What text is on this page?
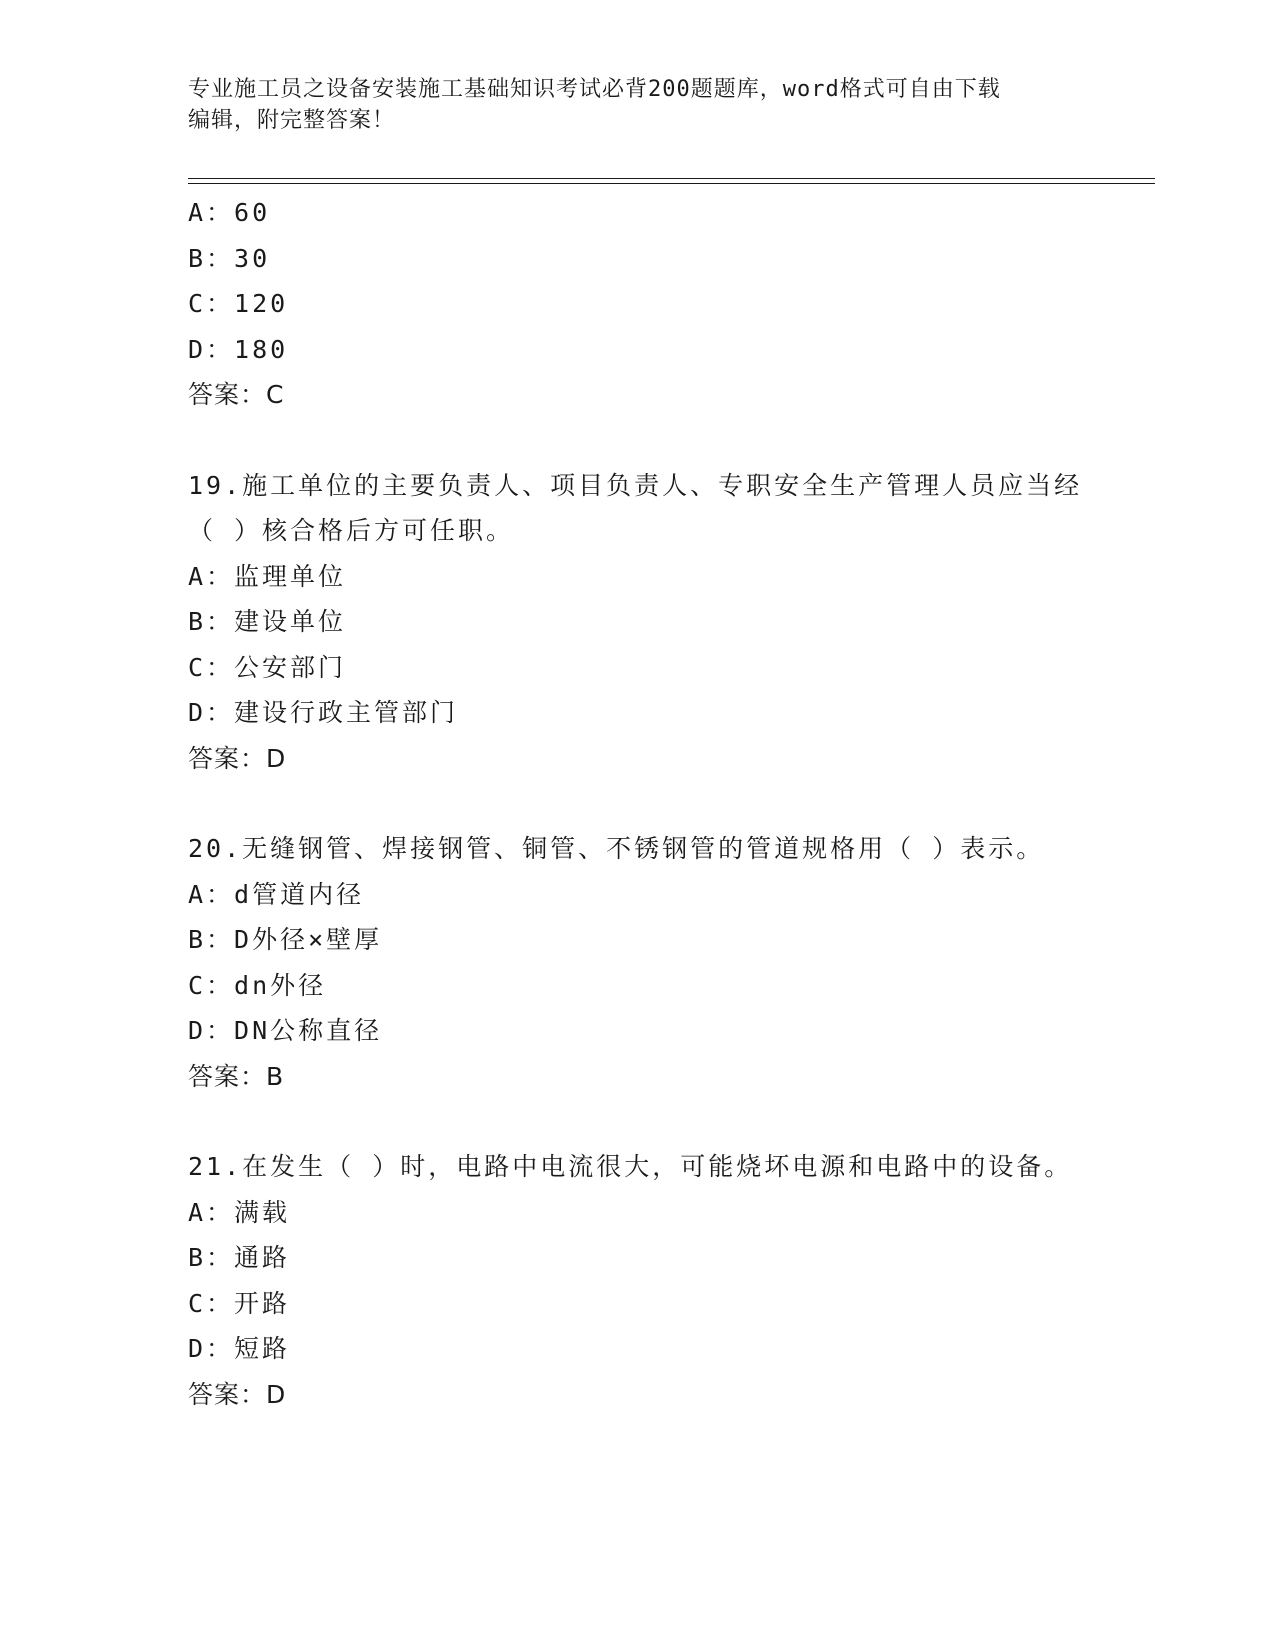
专业施工员之设备安装施工基础知识考试必背200题题库，word格式可自由下载
编辑，附完整答案！
A：60
B：30
C：120
D：180
答案：C
19.施工单位的主要负责人、项目负责人、专职安全生产管理人员应当经（ ）核合格后方可任职。
A：监理单位
B：建设单位
C：公安部门
D：建设行政主管部门
答案：D
20.无缝钢管、焊接钢管、铜管、不锈钢管的管道规格用（ ）表示。
A：d管道内径
B：D外径×壁厚
C：dn外径
D：DN公称直径
答案：B
21.在发生（ ）时，电路中电流很大，可能烧坏电源和电路中的设备。
A：满载
B：通路
C：开路
D：短路
答案：D
